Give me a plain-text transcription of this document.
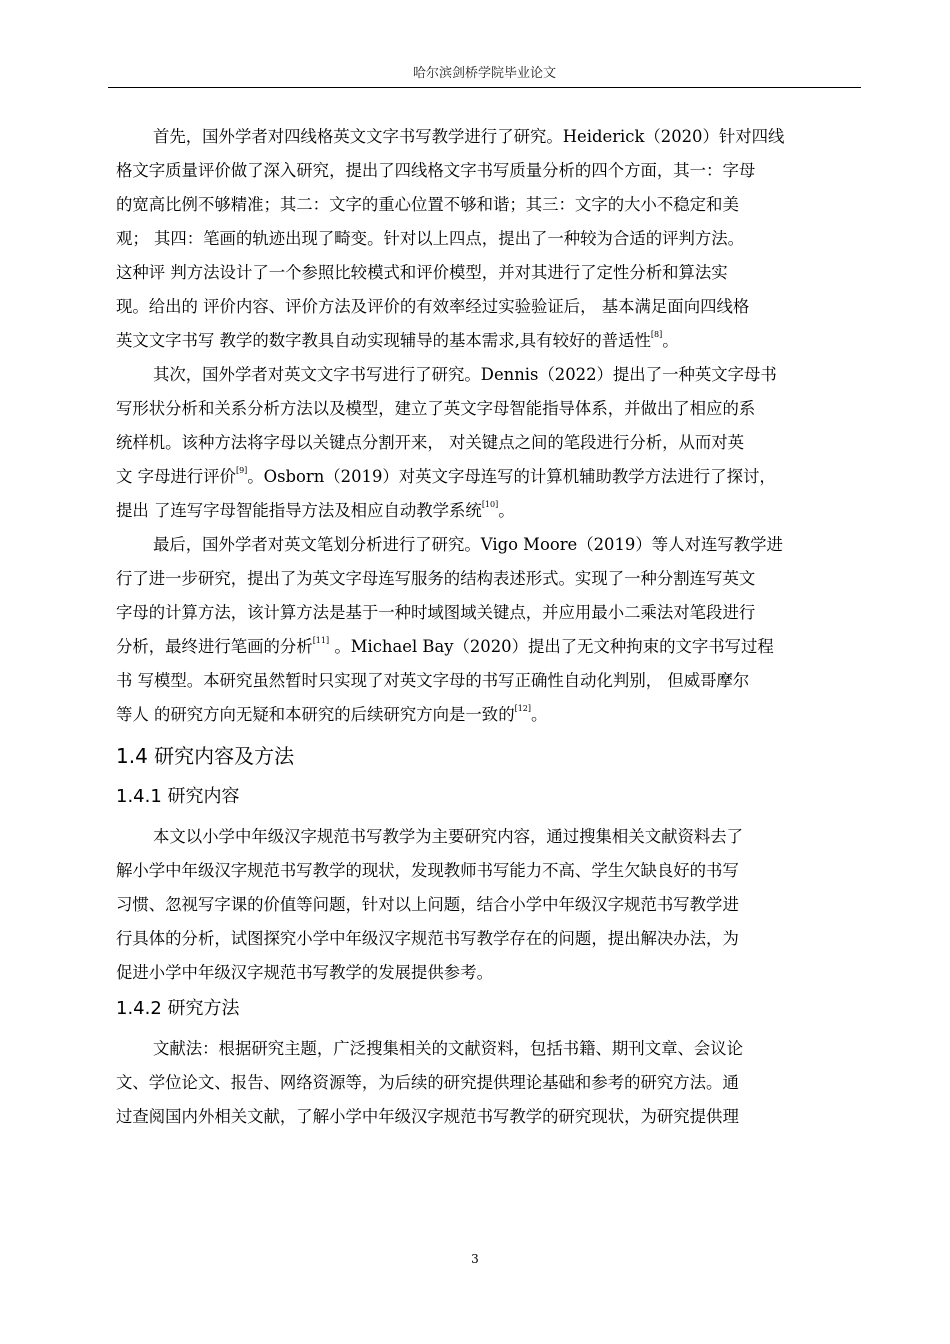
哈尔滨剑桥学院毕业论文

首先，国外学者对四线格英文文字书写教学进行了研究。Heiderick（2020）针对四线
格文字质量评价做了深入研究，提出了四线格文字书写质量分析的四个方面，其一：字母
的宽高比例不够精准；其二：文字的重心位置不够和谐；其三：文字的大小不稳定和美
观； 其四：笔画的轨迹出现了畸变。针对以上四点，提出了一种较为合适的评判方法。
这种评 判方法设计了一个参照比较模式和评价模型，并对其进行了定性分析和算法实
现。给出的 评价内容、评价方法及评价的有效率经过实验验证后， 基本满足面向四线格
英文文字书写 教学的数字教具自动实现辅导的基本需求,具有较好的普适性[8]。

其次，国外学者对英文文字书写进行了研究。Dennis（2022）提出了一种英文字母书
写形状分析和关系分析方法以及模型，建立了英文字母智能指导体系，并做出了相应的系
统样机。该种方法将字母以关键点分割开来， 对关键点之间的笔段进行分析，从而对英
文 字母进行评价[9]。Osborn（2019）对英文字母连写的计算机辅助教学方法进行了探讨，
提出 了连写字母智能指导方法及相应自动教学系统[10]。

最后，国外学者对英文笔划分析进行了研究。Vigo Moore（2019）等人对连写教学进
行了进一步研究，提出了为英文字母连写服务的结构表述形式。实现了一种分割连写英文
字母的计算方法，该计算方法是基于一种时域图域关键点，并应用最小二乘法对笔段进行
分析，最终进行笔画的分析[11] 。Michael Bay（2020）提出了无文种拘束的文字书写过程
书 写模型。本研究虽然暂时只实现了对英文字母的书写正确性自动化判别， 但威哥摩尔
等人 的研究方向无疑和本研究的后续研究方向是一致的[12]。

1.4 研究内容及方法
1.4.1 研究内容

本文以小学中年级汉字规范书写教学为主要研究内容，通过搜集相关文献资料去了
解小学中年级汉字规范书写教学的现状，发现教师书写能力不高、学生欠缺良好的书写
习惯、忽视写字课的价值等问题，针对以上问题，结合小学中年级汉字规范书写教学进
行具体的分析，试图探究小学中年级汉字规范书写教学存在的问题，提出解决办法，为
促进小学中年级汉字规范书写教学的发展提供参考。

1.4.2 研究方法

文献法：根据研究主题，广泛搜集相关的文献资料，包括书籍、期刊文章、会议论
文、学位论文、报告、网络资源等，为后续的研究提供理论基础和参考的研究方法。通
过查阅国内外相关文献，了解小学中年级汉字规范书写教学的研究现状，为研究提供理

3
